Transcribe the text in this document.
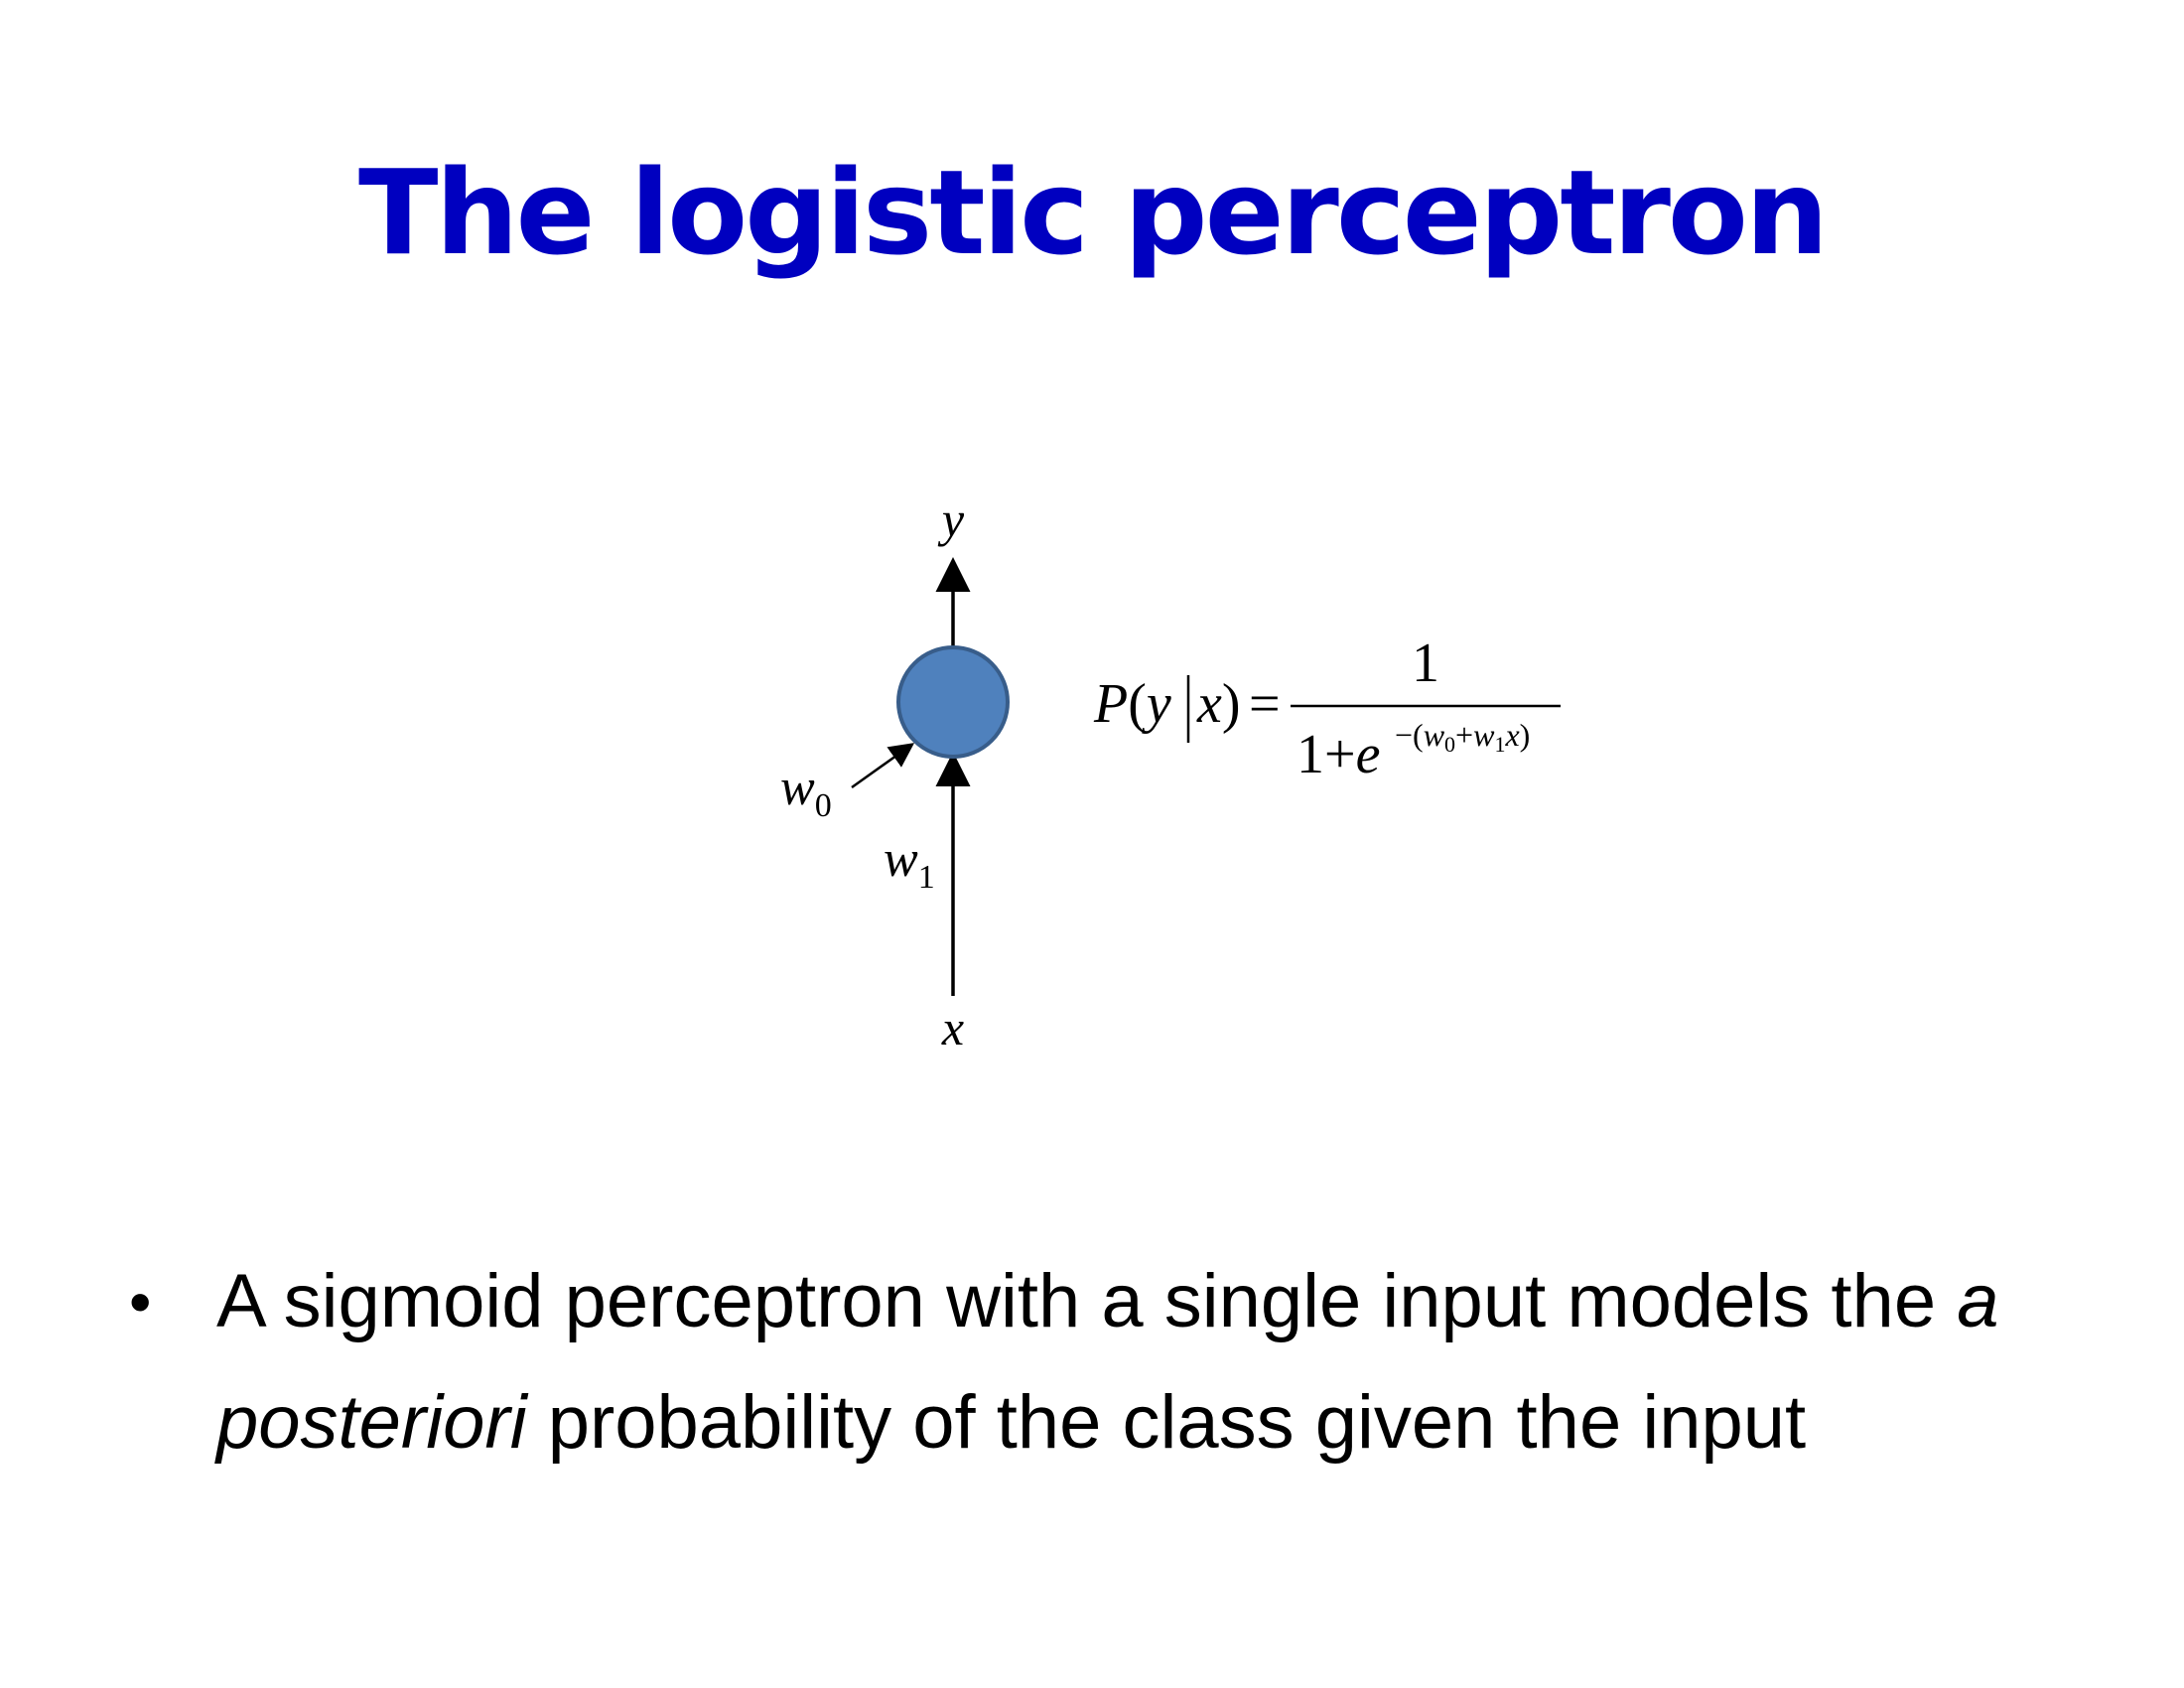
The logistic perceptron
y
x
$w_0$
$w_1$
P(y x) =
1
1+e −(w0+w1x)
• A sigmoid perceptron with a single input models the a posteriori probability of the class given the input
